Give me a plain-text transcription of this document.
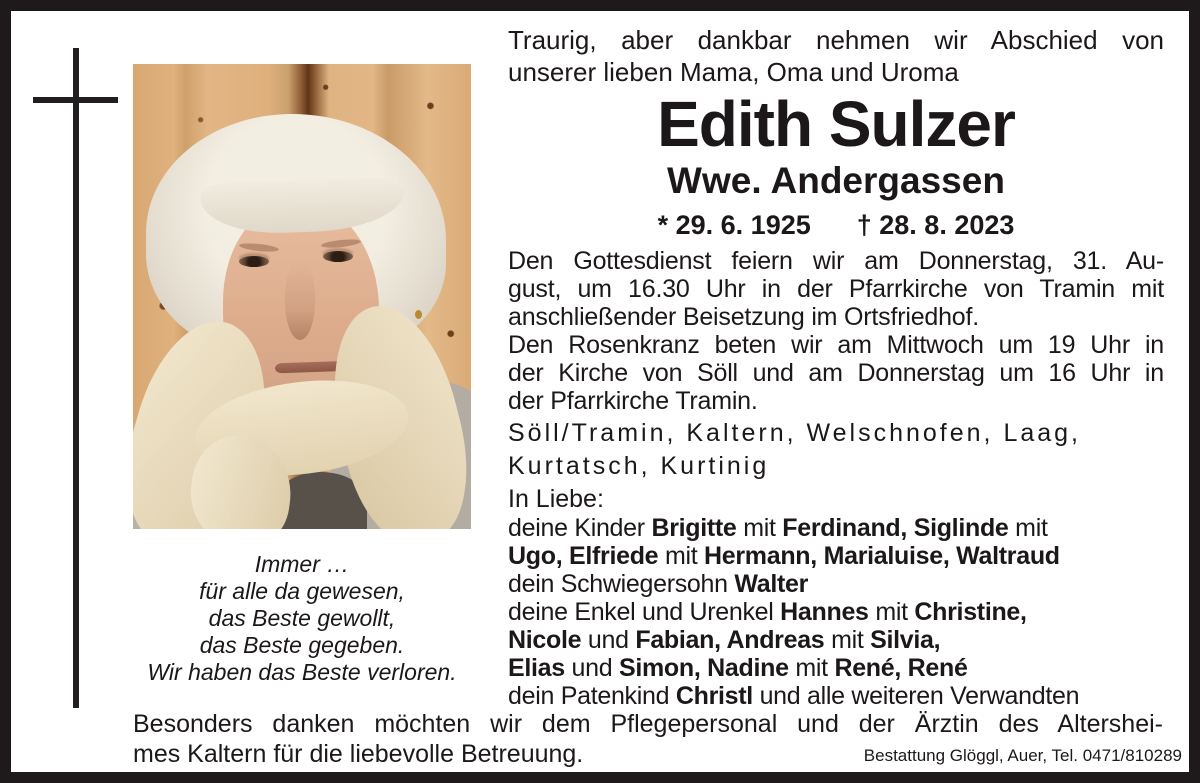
Immer …
für alle da gewesen,
das Beste gewollt,
das Beste gegeben.
Wir haben das Beste verloren.
Traurig, aber dankbar nehmen wir Abschied von
unserer lieben Mama, Oma und Uroma
Edith Sulzer
Wwe. Andergassen
* 29. 6. 1925 † 28. 8. 2023
Den Gottesdienst feiern wir am Donnerstag, 31. Au-
gust, um 16.30 Uhr in der Pfarrkirche von Tramin mit
anschließender Beisetzung im Ortsfriedhof.
Den Rosenkranz beten wir am Mittwoch um 19 Uhr in
der Kirche von Söll und am Donnerstag um 16 Uhr in
der Pfarrkirche Tramin.
Söll/Tramin, Kaltern, Welschnofen, Laag,
Kurtatsch, Kurtinig
In Liebe:
deine Kinder Brigitte mit Ferdinand, Siglinde mit
Ugo, Elfriede mit Hermann, Marialuise, Waltraud
dein Schwiegersohn Walter
deine Enkel und Urenkel Hannes mit Christine,
Nicole und Fabian, Andreas mit Silvia,
Elias und Simon, Nadine mit René, René
dein Patenkind Christl und alle weiteren Verwandten
Besonders danken möchten wir dem Pflegepersonal und der Ärztin des Altershei-
mes Kaltern für die liebevolle Betreuung.	Bestattung Glöggl, Auer, Tel. 0471/810289
